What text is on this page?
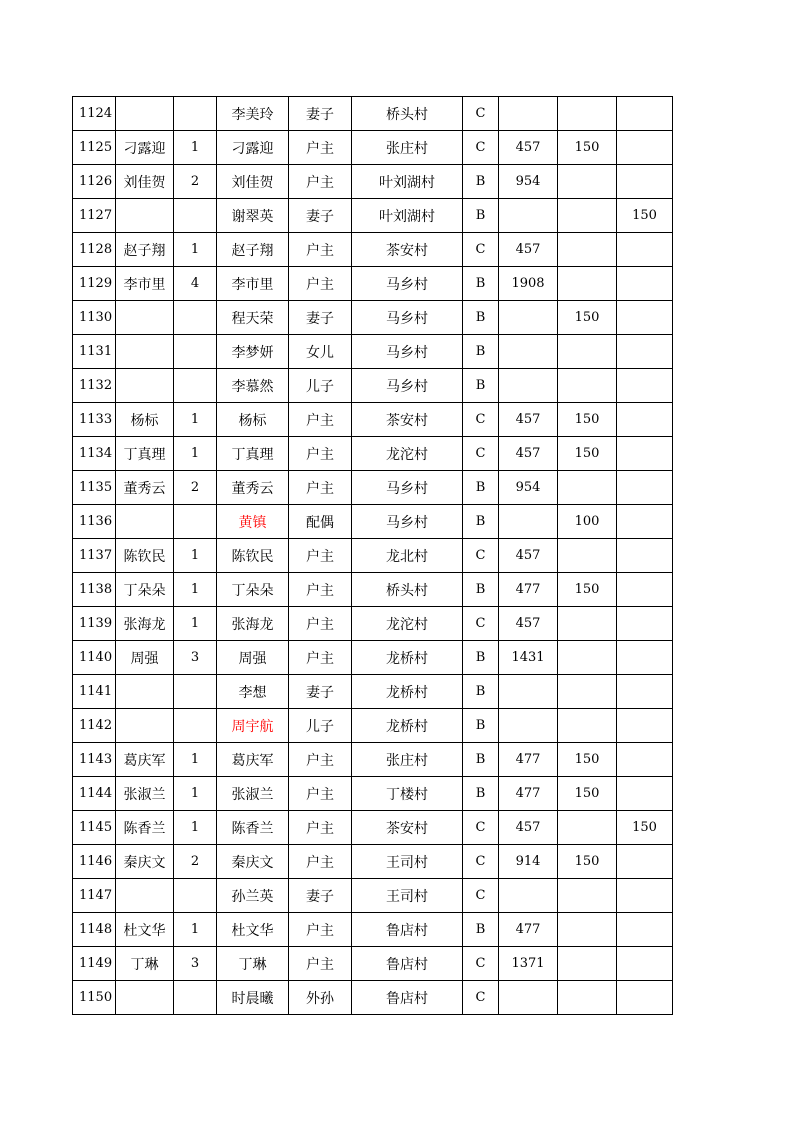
1124			李美玲	妻子	桥头村	C			
1125	刁露迎	1	刁露迎	户主	张庄村	C	457	150	
1126	刘佳贺	2	刘佳贺	户主	叶刘湖村	B	954		
1127			谢翠英	妻子	叶刘湖村	B			150
1128	赵子翔	1	赵子翔	户主	茶安村	C	457		
1129	李市里	4	李市里	户主	马乡村	B	1908		
1130			程天荣	妻子	马乡村	B		150	
1131			李梦妍	女儿	马乡村	B			
1132			李慕然	儿子	马乡村	B			
1133	杨标	1	杨标	户主	茶安村	C	457	150	
1134	丁真理	1	丁真理	户主	龙沱村	C	457	150	
1135	董秀云	2	董秀云	户主	马乡村	B	954		
1136			黄镇	配偶	马乡村	B		100	
1137	陈钦民	1	陈钦民	户主	龙北村	C	457		
1138	丁朵朵	1	丁朵朵	户主	桥头村	B	477	150	
1139	张海龙	1	张海龙	户主	龙沱村	C	457		
1140	周强	3	周强	户主	龙桥村	B	1431		
1141			李想	妻子	龙桥村	B			
1142			周宇航	儿子	龙桥村	B			
1143	葛庆军	1	葛庆军	户主	张庄村	B	477	150	
1144	张淑兰	1	张淑兰	户主	丁楼村	B	477	150	
1145	陈香兰	1	陈香兰	户主	茶安村	C	457		150
1146	秦庆文	2	秦庆文	户主	王司村	C	914	150	
1147			孙兰英	妻子	王司村	C			
1148	杜文华	1	杜文华	户主	鲁店村	B	477		
1149	丁琳	3	丁琳	户主	鲁店村	C	1371		
1150			时晨曦	外孙	鲁店村	C			
